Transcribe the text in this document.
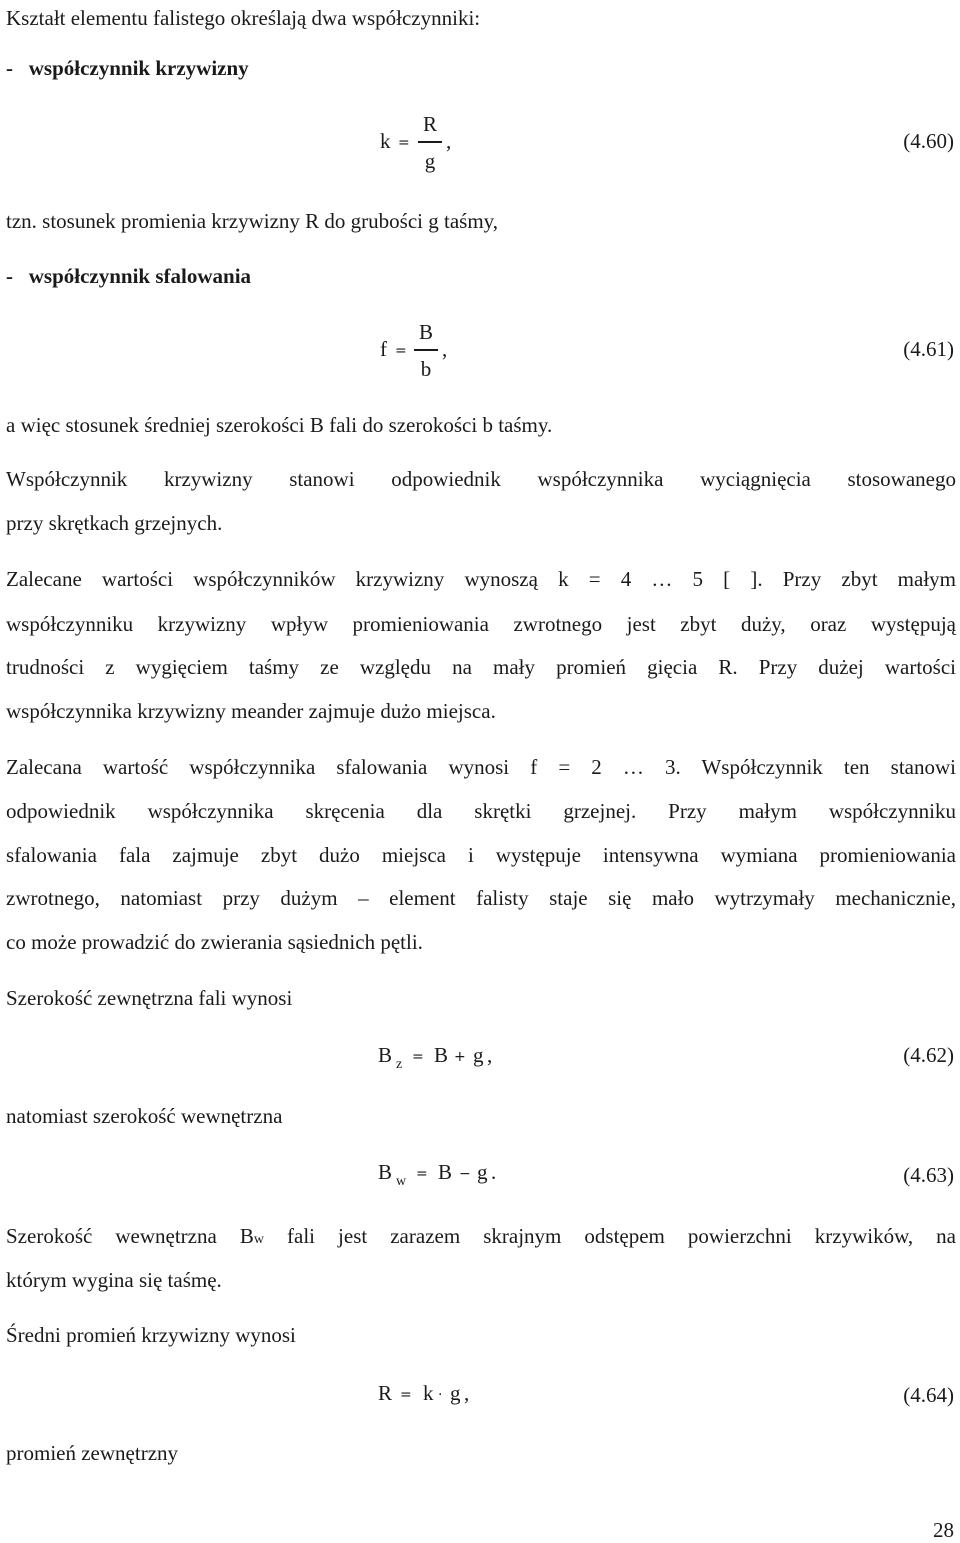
Kształt elementu falistego określają dwa współczynniki:
- współczynnik krzywizny
k =
R
g
,	(4.60)
tzn. stosunek promienia krzywizny R do grubości g taśmy,
- współczynnik sfalowania
f =
B
b
,	(4.61)
a więc stosunek średniej szerokości B fali do szerokości b taśmy.
Współczynnik krzywizny stanowi odpowiednik współczynnika wyciągnięcia stosowanego
przy skrętkach grzejnych.
Zalecane wartości współczynników krzywizny wynoszą k = 4 … 5 [ ]. Przy zbyt małym
współczynniku krzywizny wpływ promieniowania zwrotnego jest zbyt duży, oraz występują
trudności z wygięciem taśmy ze względu na mały promień gięcia R. Przy dużej wartości
współczynnika krzywizny meander zajmuje dużo miejsca.
Zalecana wartość współczynnika sfalowania wynosi f = 2 … 3. Współczynnik ten stanowi
odpowiednik współczynnika skręcenia dla skrętki grzejnej. Przy małym współczynniku
sfalowania fala zajmuje zbyt dużo miejsca i występuje intensywna wymiana promieniowania
zwrotnego, natomiast przy dużym – element falisty staje się mało wytrzymały mechanicznie,
co może prowadzić do zwierania sąsiednich pętli.
Szerokość zewnętrzna fali wynosi
B z = B + g ,	(4.62)
natomiast szerokość wewnętrzna
B w = B − g .	(4.63)
Szerokość wewnętrzna Bw fali jest zarazem skrajnym odstępem powierzchni krzywików, na
którym wygina się taśmę.
Średni promień krzywizny wynosi
R = k ⋅ g ,	(4.64)
promień zewnętrzny
28
